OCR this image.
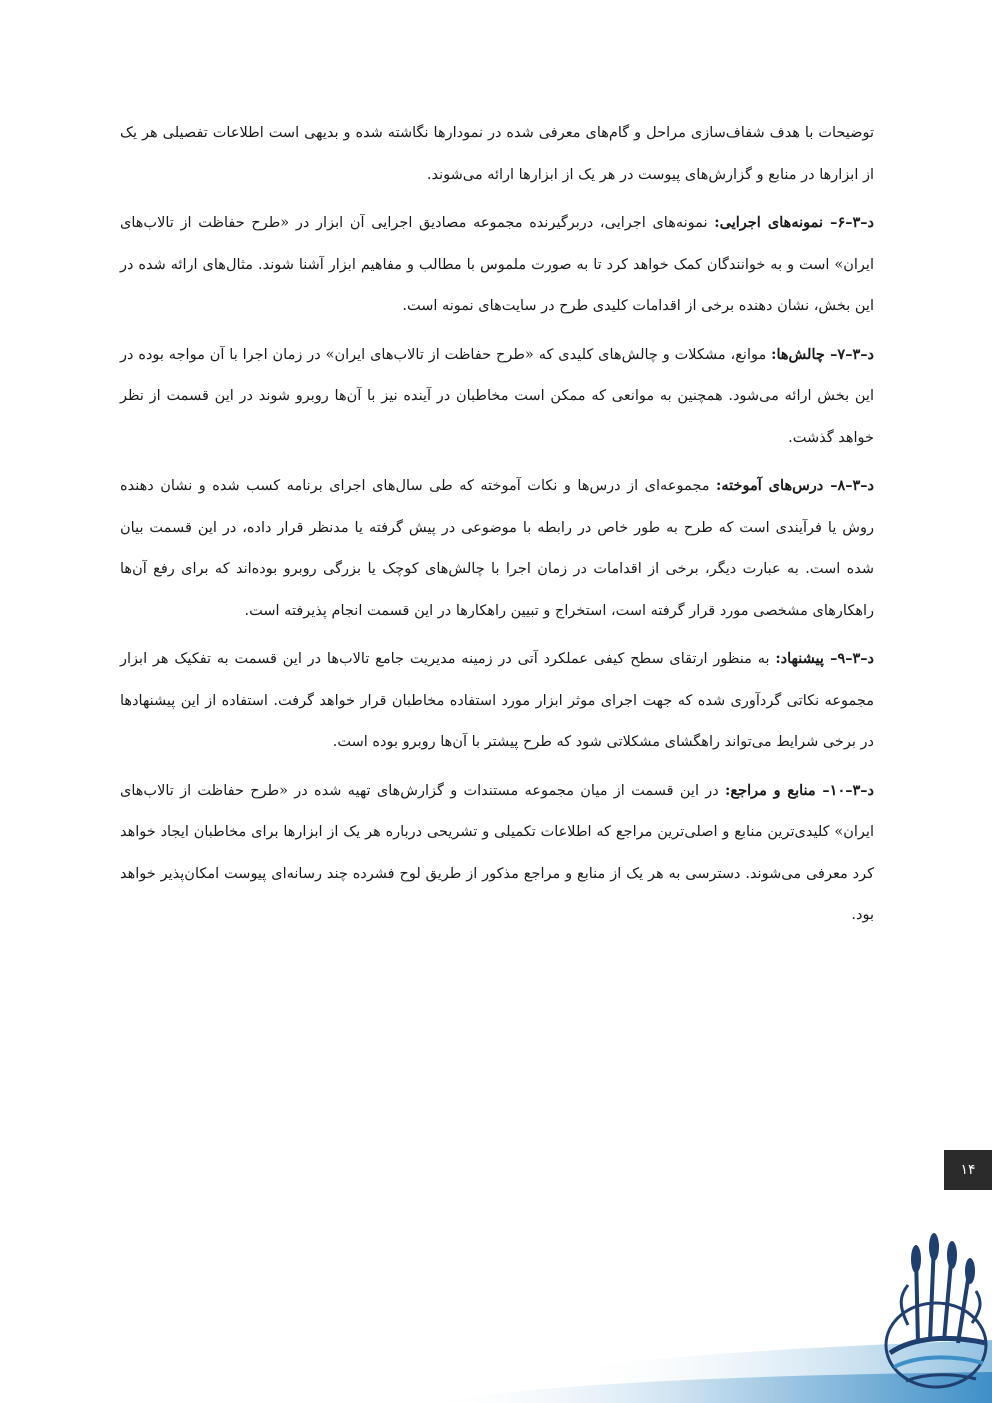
توضیحات با هدف شفاف‌سازی مراحل و گام‌های معرفی شده در نمودارها نگاشته شده و بدیهی است اطلاعات تفصیلی هر یک از ابزارها در منابع و گزارش‌های پیوست در هر یک از ابزارها ارائه می‌شوند.

د–۳–۶– نمونه‌های اجرایی: نمونه‌های اجرایی، دربرگیرنده مجموعه مصادیق اجرایی آن ابزار در «طرح حفاظت از تالاب‌های ایران» است و به خوانندگان کمک خواهد کرد تا به صورت ملموس با مطالب و مفاهیم ابزار آشنا شوند. مثال‌های ارائه شده در این بخش، نشان دهنده برخی از اقدامات کلیدی طرح در سایت‌های نمونه است.

د–۳–۷– چالش‌ها: موانع، مشکلات و چالش‌های کلیدی که «طرح حفاظت از تالاب‌های ایران» در زمان اجرا با آن مواجه بوده در این بخش ارائه می‌شود. همچنین به موانعی که ممکن است مخاطبان در آینده نیز با آن‌ها روبرو شوند در این قسمت از نظر خواهد گذشت.

د–۳–۸– درس‌های آموخته: مجموعه‌ای از درس‌ها و نکات آموخته که طی سال‌های اجرای برنامه کسب شده و نشان دهنده روش یا فرآیندی است که طرح به طور خاص در رابطه با موضوعی در پیش گرفته یا مدنظر قرار داده، در این قسمت بیان شده است. به عبارت دیگر، برخی از اقدامات در زمان اجرا با چالش‌های کوچک یا بزرگی روبرو بوده‌اند که برای رفع آن‌ها راهکارهای مشخصی مورد قرار گرفته است، استخراج و تبیین راهکارها در این قسمت انجام پذیرفته است.

د–۳–۹– پیشنهاد: به منظور ارتقای سطح کیفی عملکرد آتی در زمینه مدیریت جامع تالاب‌ها در این قسمت به تفکیک هر ابزار مجموعه نکاتی گردآوری شده که جهت اجرای موثر ابزار مورد استفاده مخاطبان قرار خواهد گرفت. استفاده از این پیشنهادها در برخی شرایط می‌تواند راهگشای مشکلاتی شود که طرح پیشتر با آن‌ها روبرو بوده است.

د–۳–۱۰– منابع و مراجع: در این قسمت از میان مجموعه مستندات و گزارش‌های تهیه شده در «طرح حفاظت از تالاب‌های ایران» کلیدی‌ترین منابع و اصلی‌ترین مراجع که اطلاعات تکمیلی و تشریحی درباره هر یک از ابزارها برای مخاطبان ایجاد خواهد کرد معرفی می‌شوند. دسترسی به هر یک از منابع و مراجع مذکور از طریق لوح فشرده چند رسانه‌ای پیوست امکان‌پذیر خواهد بود.

۱۴
